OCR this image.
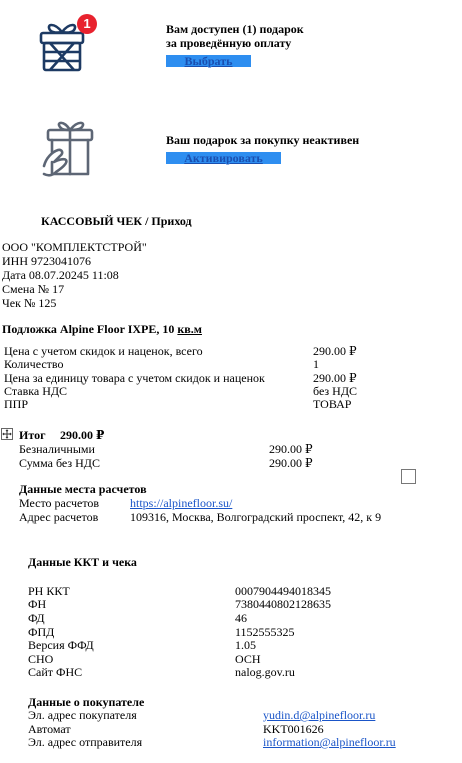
1	Вам доступен (1) подарок
за проведённую оплату
Выбрать
Ваш подарок за покупку неактивен
Активировать
КАССОВЫЙ ЧЕК / Приход
ООО "КОМПЛЕКТСТРОЙ"
ИНН 9723041076
Дата 08.07.20245 11:08
Смена № 17
Чек № 125
Подложка Alpine Floor IXPE, 10 кв.м
Цена с учетом скидок и наценок, всего	290.00 ₽
Количество	1
Цена за единицу товара с учетом скидок и наценок	290.00 ₽
Ставка НДС	без НДС
ППР	ТОВАР
Итог 290.00 ₽
Безналичными	290.00 ₽
Сумма без НДС	290.00 ₽
Данные места расчетов
Место расчетов	https://alpinefloor.su/
Адрес расчетов	109316, Москва, Волгоградский проспект, 42, к 9
Данные ККТ и чека
РН ККТ	0007904494018345
ФН	7380440802128635
ФД	46
ФПД	1152555325
Версия ФФД	1.05
СНО	ОСН
Сайт ФНС	nalog.gov.ru
Данные о покупателе
Эл. адрес покупателя	yudin.d@alpinefloor.ru
Автомат	KKT001626
Эл. адрес отправителя	information@alpinefloor.ru
